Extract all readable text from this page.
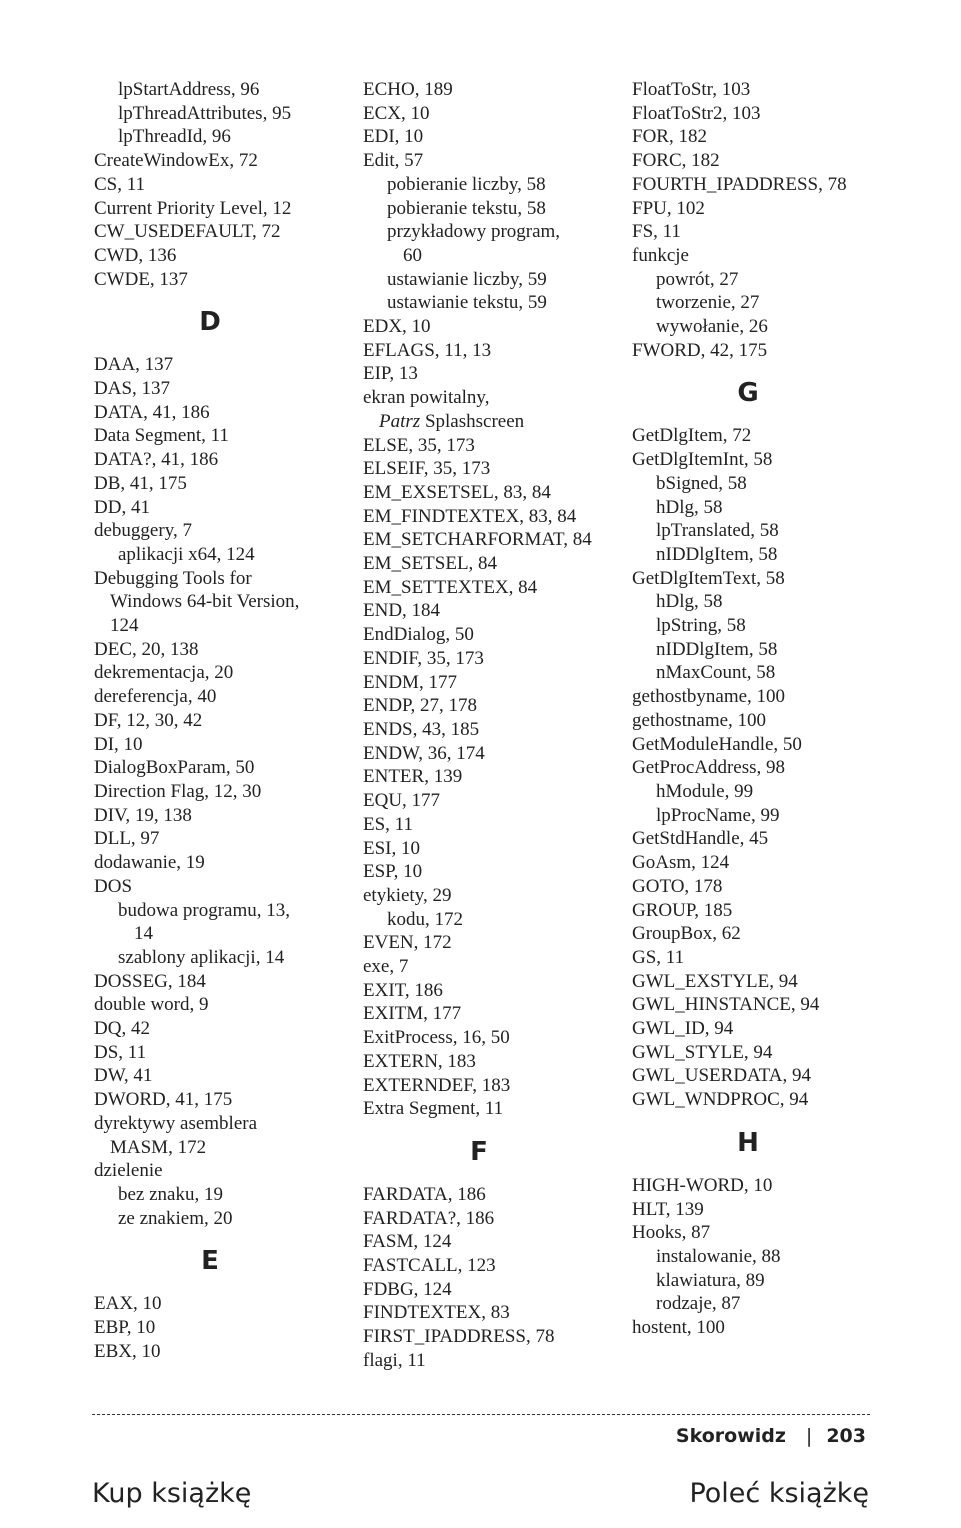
lpStartAddress, 96
lpThreadAttributes, 95
lpThreadId, 96
CreateWindowEx, 72
CS, 11
Current Priority Level, 12
CW_USEDEFAULT, 72
CWD, 136
CWDE, 137
D
DAA, 137
DAS, 137
DATA, 41, 186
Data Segment, 11
DATA?, 41, 186
DB, 41, 175
DD, 41
debuggery, 7
aplikacji x64, 124
Debugging Tools for
Windows 64-bit Version,
124
DEC, 20, 138
dekrementacja, 20
dereferencja, 40
DF, 12, 30, 42
DI, 10
DialogBoxParam, 50
Direction Flag, 12, 30
DIV, 19, 138
DLL, 97
dodawanie, 19
DOS
budowa programu, 13,
14
szablony aplikacji, 14
DOSSEG, 184
double word, 9
DQ, 42
DS, 11
DW, 41
DWORD, 41, 175
dyrektywy asemblera
MASM, 172
dzielenie
bez znaku, 19
ze znakiem, 20
E
EAX, 10
EBP, 10
EBX, 10
ECHO, 189
ECX, 10
EDI, 10
Edit, 57
pobieranie liczby, 58
pobieranie tekstu, 58
przykładowy program,
60
ustawianie liczby, 59
ustawianie tekstu, 59
EDX, 10
EFLAGS, 11, 13
EIP, 13
ekran powitalny,
Patrz Splashscreen
ELSE, 35, 173
ELSEIF, 35, 173
EM_EXSETSEL, 83, 84
EM_FINDTEXTEX, 83, 84
EM_SETCHARFORMAT, 84
EM_SETSEL, 84
EM_SETTEXTEX, 84
END, 184
EndDialog, 50
ENDIF, 35, 173
ENDM, 177
ENDP, 27, 178
ENDS, 43, 185
ENDW, 36, 174
ENTER, 139
EQU, 177
ES, 11
ESI, 10
ESP, 10
etykiety, 29
kodu, 172
EVEN, 172
exe, 7
EXIT, 186
EXITM, 177
ExitProcess, 16, 50
EXTERN, 183
EXTERNDEF, 183
Extra Segment, 11
F
FARDATA, 186
FARDATA?, 186
FASM, 124
FASTCALL, 123
FDBG, 124
FINDTEXTEX, 83
FIRST_IPADDRESS, 78
flagi, 11
FloatToStr, 103
FloatToStr2, 103
FOR, 182
FORC, 182
FOURTH_IPADDRESS, 78
FPU, 102
FS, 11
funkcje
powrót, 27
tworzenie, 27
wywołanie, 26
FWORD, 42, 175
G
GetDlgItem, 72
GetDlgItemInt, 58
bSigned, 58
hDlg, 58
lpTranslated, 58
nIDDlgItem, 58
GetDlgItemText, 58
hDlg, 58
lpString, 58
nIDDlgItem, 58
nMaxCount, 58
gethostbyname, 100
gethostname, 100
GetModuleHandle, 50
GetProcAddress, 98
hModule, 99
lpProcName, 99
GetStdHandle, 45
GoAsm, 124
GOTO, 178
GROUP, 185
GroupBox, 62
GS, 11
GWL_EXSTYLE, 94
GWL_HINSTANCE, 94
GWL_ID, 94
GWL_STYLE, 94
GWL_USERDATA, 94
GWL_WNDPROC, 94
H
HIGH-WORD, 10
HLT, 139
Hooks, 87
instalowanie, 88
klawiatura, 89
rodzaje, 87
hostent, 100
Skorowidz | 203
Kup książkę	Poleć książkę
